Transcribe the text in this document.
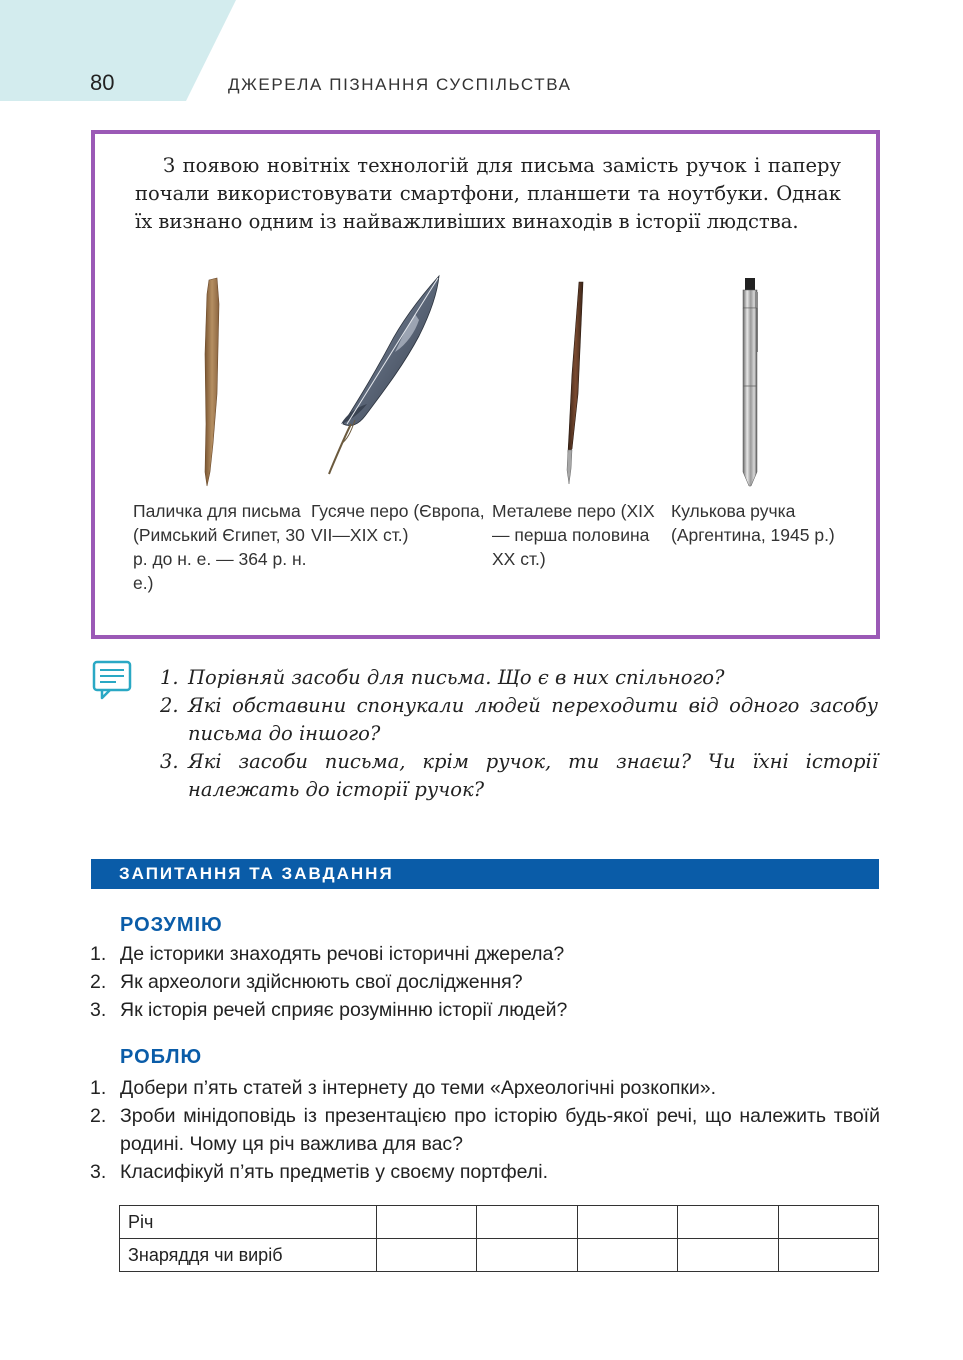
80	ДЖЕРЕЛА ПІЗНАННЯ СУСПІЛЬСТВА
З появою новітніх технологій для письма замість ручок і паперу почали використовувати смартфони, планшети та ноутбуки. Однак їх визнано одним із найважливіших винаходів в історії людства.
Паличка для письма (Римський Єгипет, 30 р. до н. е. — 364 р. н. е.)
Гусяче перо (Європа, VII—XIX ст.)
Металеве перо (XIX — перша половина XX ст.)
Кулькова ручка (Аргентина, 1945 р.)
1. Порівняй засоби для письма. Що є в них спільного?
2. Які обставини спонукали людей переходити від одного засобу письма до іншого?
3. Які засоби письма, крім ручок, ти знаєш? Чи їхні історії належать до історії ручок?
ЗАПИТАННЯ ТА ЗАВДАННЯ
РОЗУМІЮ
1. Де історики знаходять речові історичні джерела?
2. Як археологи здійснюють свої дослідження?
3. Як історія речей сприяє розумінню історії людей?
РОБЛЮ
1. Добери п’ять статей з інтернету до теми «Археологічні розкопки».
2. Зроби мінідоповідь із презентацією про історію будь-якої речі, що належить твоїй родині. Чому ця річ важлива для вас?
3. Класифікуй п’ять предметів у своєму портфелі.
Річ					
Знаряддя чи виріб					
